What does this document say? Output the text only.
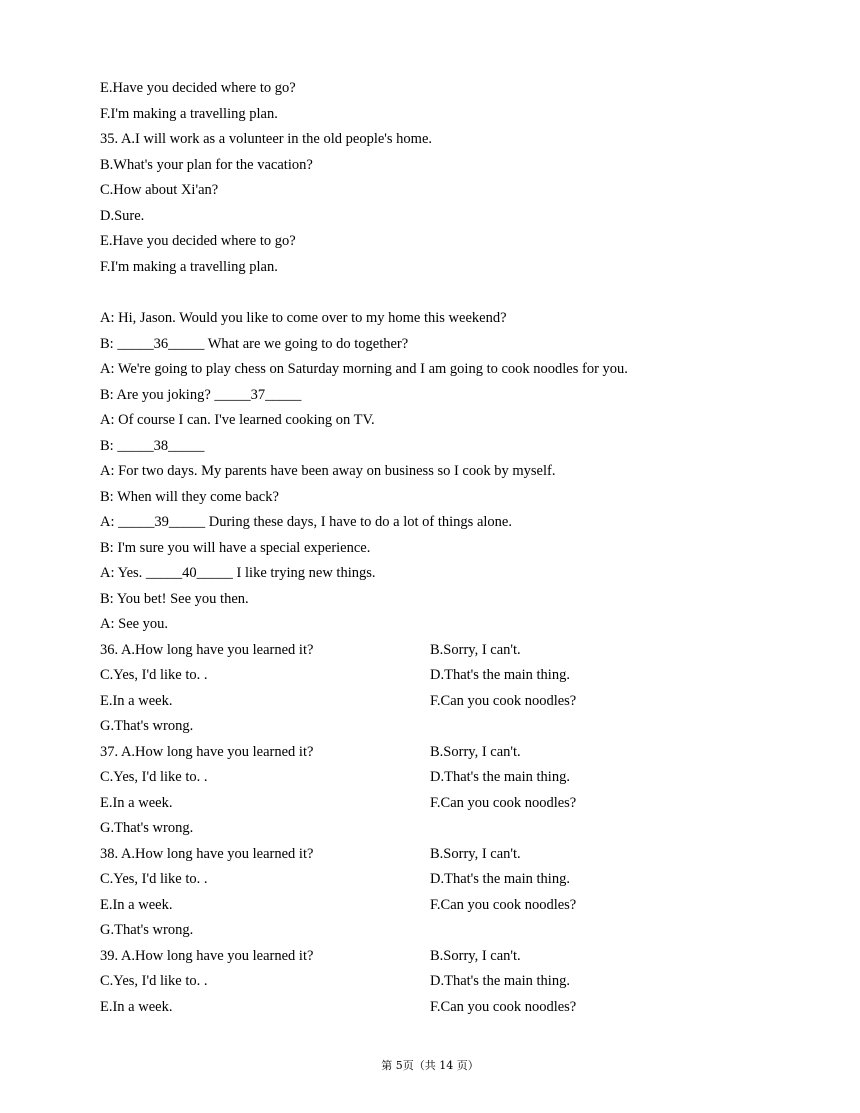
E.Have you decided where to go?
F.I'm making a travelling plan.
35. A.I will work as a volunteer in the old people's home.
B.What's your plan for the vacation?
C.How about Xi'an?
D.Sure.
E.Have you decided where to go?
F.I'm making a travelling plan.
A: Hi, Jason. Would you like to come over to my home this weekend?
B: _____36_____ What are we going to do together?
A: We're going to play chess on Saturday morning and I am going to cook noodles for you.
B: Are you joking? _____37_____
A: Of course I can. I've learned cooking on TV.
B: _____38_____
A: For two days. My parents have been away on business so I cook by myself.
B: When will they come back?
A: _____39_____ During these days, I have to do a lot of things alone.
B: I'm sure you will have a special experience.
A: Yes. _____40_____ I like trying new things.
B: You bet! See you then.
A: See you.
36. A.How long have you learned it?	B.Sorry, I can't.
C.Yes, I'd like to. .	D.That's the main thing.
E.In a week.	F.Can you cook noodles?
G.That's wrong.
37. A.How long have you learned it?	B.Sorry, I can't.
C.Yes, I'd like to. .	D.That's the main thing.
E.In a week.	F.Can you cook noodles?
G.That's wrong.
38. A.How long have you learned it?	B.Sorry, I can't.
C.Yes, I'd like to. .	D.That's the main thing.
E.In a week.	F.Can you cook noodles?
G.That's wrong.
39. A.How long have you learned it?	B.Sorry, I can't.
C.Yes, I'd like to. .	D.That's the main thing.
E.In a week.	F.Can you cook noodles?
第 5页（共 14 页）
